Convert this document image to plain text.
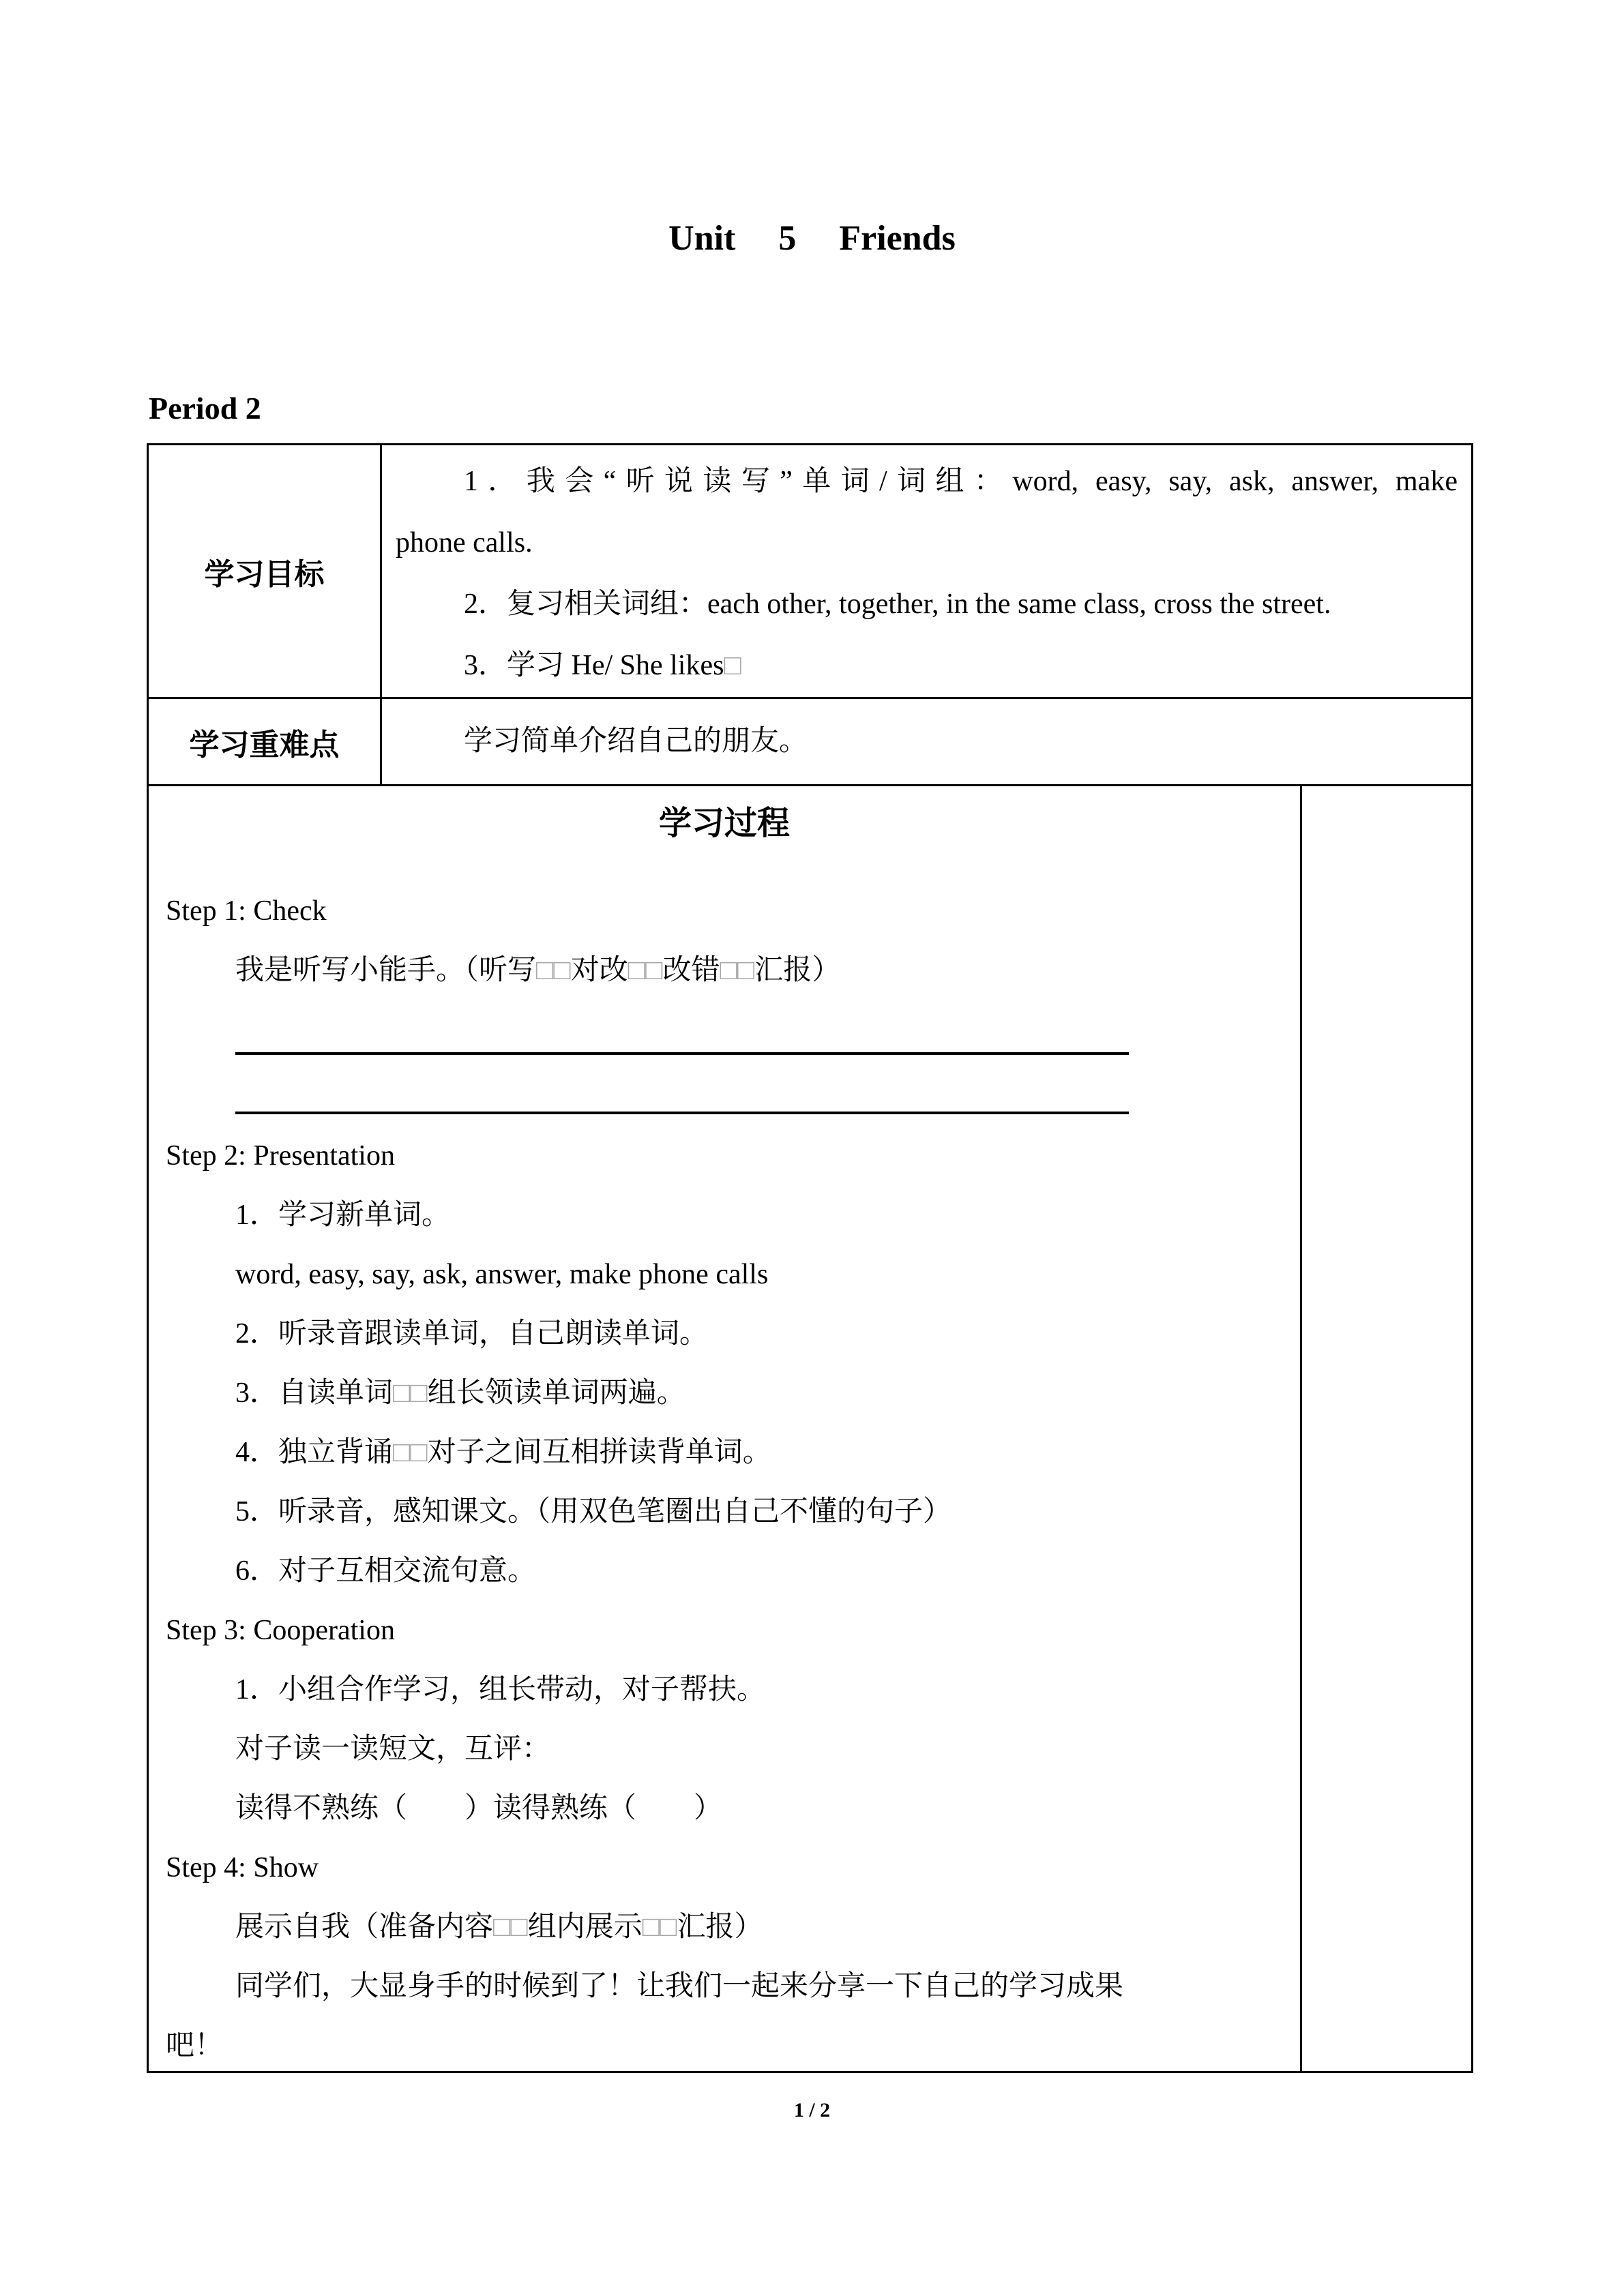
Unit 5 Friends
Period 2
学习目标
1．我会“听说读写”单词/词组：word, easy, say, ask, answer, make
phone calls.
2．复习相关词组：each other, together, in the same class, cross the street.
3．学习 He/ She likes□
学习重难点	学习简单介绍自己的朋友。
学习过程
Step 1: Check
我是听写小能手。（听写□□对改□□改错□□汇报）
Step 2: Presentation
1．学习新单词。
word, easy, say, ask, answer, make phone calls
2．听录音跟读单词，自己朗读单词。
3．自读单词□□组长领读单词两遍。
4．独立背诵□□对子之间互相拼读背单词。
5．听录音，感知课文。（用双色笔圈出自己不懂的句子）
6．对子互相交流句意。
Step 3: Cooperation
1．小组合作学习，组长带动，对子帮扶。
对子读一读短文，互评：
读得不熟练（　　）读得熟练（　　）
Step 4: Show
展示自我（准备内容□□组内展示□□汇报）
同学们，大显身手的时候到了！让我们一起来分享一下自己的学习成果
吧！
1 / 2
